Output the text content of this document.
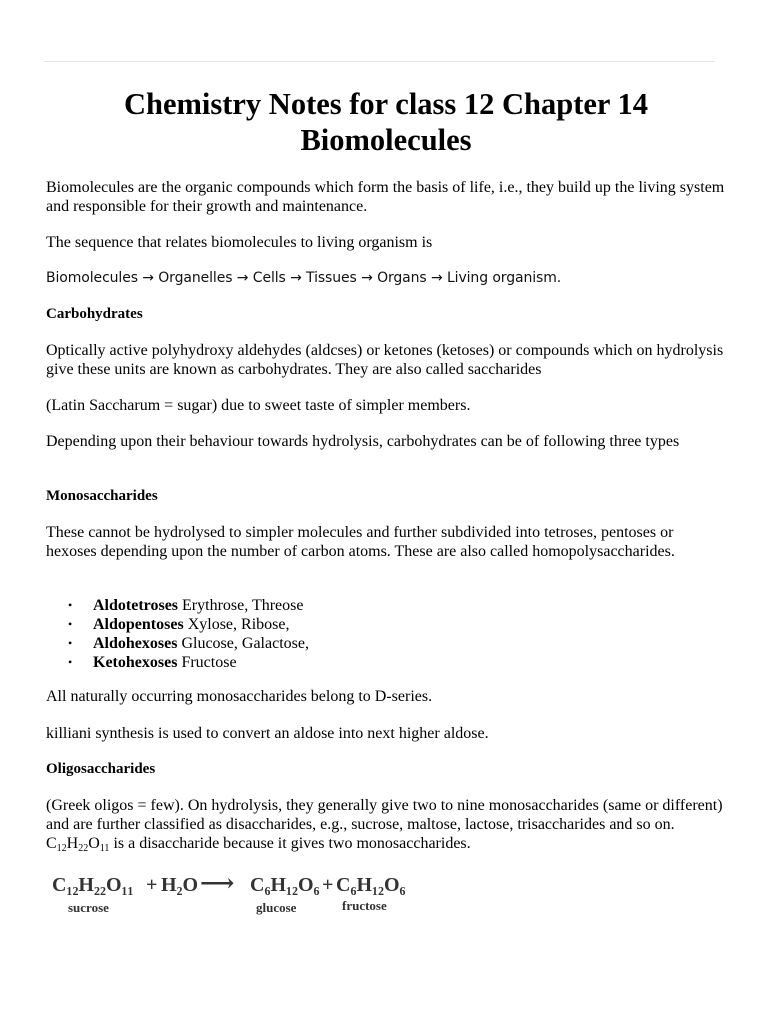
Chemistry Notes for class 12 Chapter 14 Biomolecules

Biomolecules are the organic compounds which form the basis of life, i.e., they build up the living system and responsible for their growth and maintenance.

The sequence that relates biomolecules to living organism is

Biomolecules → Organelles → Cells → Tissues → Organs → Living organism.

Carbohydrates

Optically active polyhydroxy aldehydes (aldcses) or ketones (ketoses) or compounds which on hydrolysis give these units are known as carbohydrates. They are also called saccharides

(Latin Saccharum = sugar) due to sweet taste of simpler members.

Depending upon their behaviour towards hydrolysis, carbohydrates can be of following three types

Monosaccharides

These cannot be hydrolysed to simpler molecules and further subdivided into tetroses, pentoses or hexoses depending upon the number of carbon atoms. These are also called homopolysaccharides.

• Aldotetroses Erythrose, Threose
• Aldopentoses Xylose, Ribose,
• Aldohexoses Glucose, Galactose,
• Ketohexoses Fructose

All naturally occurring monosaccharides belong to D-series.

killiani synthesis is used to convert an aldose into next higher aldose.

Oligosaccharides

(Greek oligos = few). On hydrolysis, they generally give two to nine monosaccharides (same or different) and are further classified as disaccharides, e.g., sucrose, maltose, lactose, trisaccharides and so on. $C_{12}H_{22}O_{11}$ is a disaccharide because it gives two monosaccharides.

C₁₂H₂₂O₁₁ + H₂O ⟶ C₆H₁₂O₆ + C₆H₁₂O₆
sucrose	glucose	fructose
